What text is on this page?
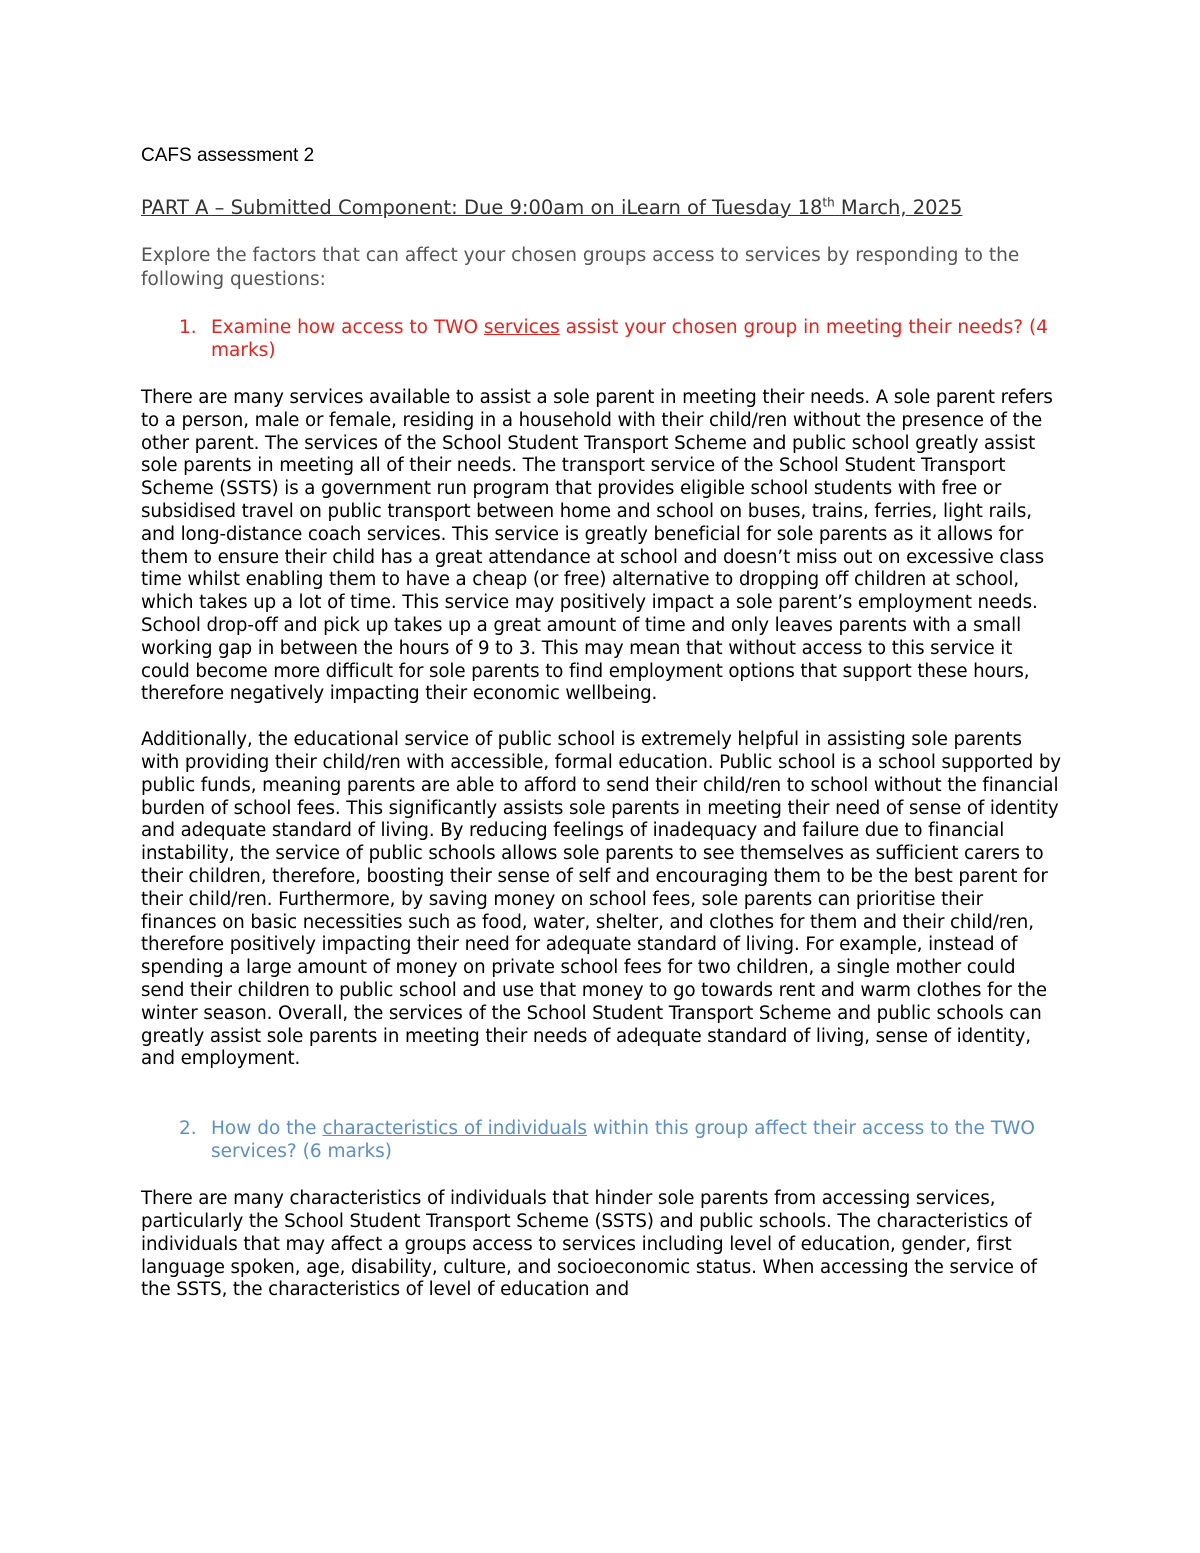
CAFS assessment 2
PART A – Submitted Component: Due 9:00am on iLearn of Tuesday 18th March, 2025
Explore the factors that can affect your chosen groups access to services by responding to the following questions:
1. Examine how access to TWO services assist your chosen group in meeting their needs? (4 marks)
There are many services available to assist a sole parent in meeting their needs. A sole parent refers to a person, male or female, residing in a household with their child/ren without the presence of the other parent. The services of the School Student Transport Scheme and public school greatly assist sole parents in meeting all of their needs. The transport service of the School Student Transport Scheme (SSTS) is a government run program that provides eligible school students with free or subsidised travel on public transport between home and school on buses, trains, ferries, light rails, and long-distance coach services. This service is greatly beneficial for sole parents as it allows for them to ensure their child has a great attendance at school and doesn’t miss out on excessive class time whilst enabling them to have a cheap (or free) alternative to dropping off children at school, which takes up a lot of time. This service may positively impact a sole parent’s employment needs. School drop-off and pick up takes up a great amount of time and only leaves parents with a small working gap in between the hours of 9 to 3. This may mean that without access to this service it could become more difficult for sole parents to find employment options that support these hours, therefore negatively impacting their economic wellbeing.
Additionally, the educational service of public school is extremely helpful in assisting sole parents with providing their child/ren with accessible, formal education. Public school is a school supported by public funds, meaning parents are able to afford to send their child/ren to school without the financial burden of school fees. This significantly assists sole parents in meeting their need of sense of identity and adequate standard of living. By reducing feelings of inadequacy and failure due to financial instability, the service of public schools allows sole parents to see themselves as sufficient carers to their children, therefore, boosting their sense of self and encouraging them to be the best parent for their child/ren. Furthermore, by saving money on school fees, sole parents can prioritise their finances on basic necessities such as food, water, shelter, and clothes for them and their child/ren, therefore positively impacting their need for adequate standard of living. For example, instead of spending a large amount of money on private school fees for two children, a single mother could send their children to public school and use that money to go towards rent and warm clothes for the winter season. Overall, the services of the School Student Transport Scheme and public schools can greatly assist sole parents in meeting their needs of adequate standard of living, sense of identity, and employment.
2. How do the characteristics of individuals within this group affect their access to the TWO services? (6 marks)
There are many characteristics of individuals that hinder sole parents from accessing services, particularly the School Student Transport Scheme (SSTS) and public schools. The characteristics of individuals that may affect a groups access to services including level of education, gender, first language spoken, age, disability, culture, and socioeconomic status. When accessing the service of the SSTS, the characteristics of level of education and
